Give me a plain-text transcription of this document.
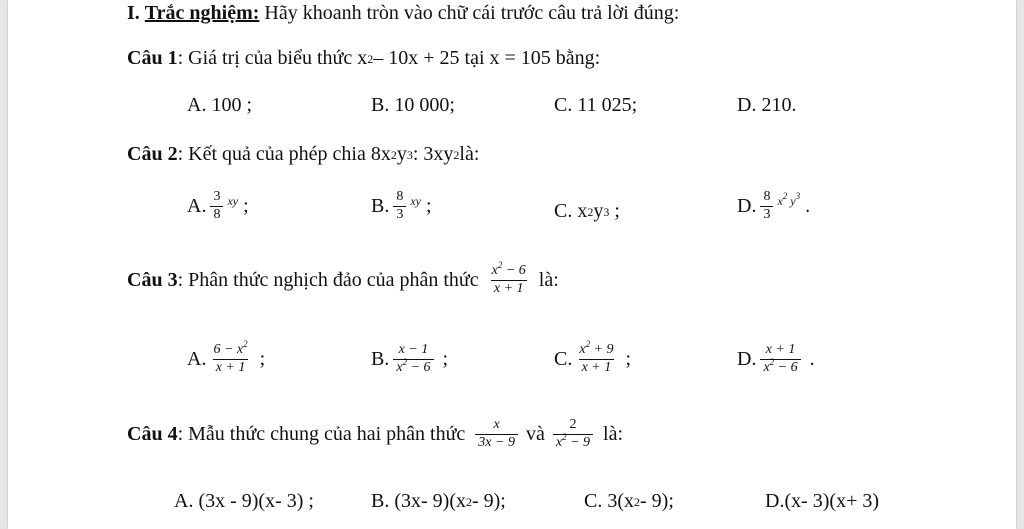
I.
Trắc nghiệm:
Hãy khoanh tròn vào chữ cái trước câu trả lời đúng:
Câu 1 : Giá trị của biểu thức x 2 – 10x + 25 tại x = 105 bằng:
A. 100 ;	B. 10 000;	C. 11 025;	D. 210.
Câu 2 : Kết quả của phép chia 8x 2 y 3 : 3xy 2 là:
A. $\frac{3}{8}$ xy ;	B. $\frac{8}{3}$ xy ;	C.
x 2 y 3 ;	D. $\frac{8}{3} x^2$ $y^3$ .
Câu 3 : Phân thức nghịch đảo của phân thức $\frac{x^2 - 6}{x + 1}$ là:
A. $\frac{6 - x^2}{x + 1}$ ;	B. $\frac{x - 1}{x^2 - 6}$ ;	C. $\frac{x^2 + 9}{x + 1}$ ;	D. $\frac{x + 1}{x^2 - 6}$ .
Câu 4 : Mẫu thức chung của hai phân thức $\frac{x}{3x - 9}$ và $\frac{2}{x^2 - 9}$ là:
A. (3x - 9)(x- 3) ;	B. (3x- 9)(x 2 - 9);	C. 3(x 2 - 9);	D.(x- 3)(x+ 3)
